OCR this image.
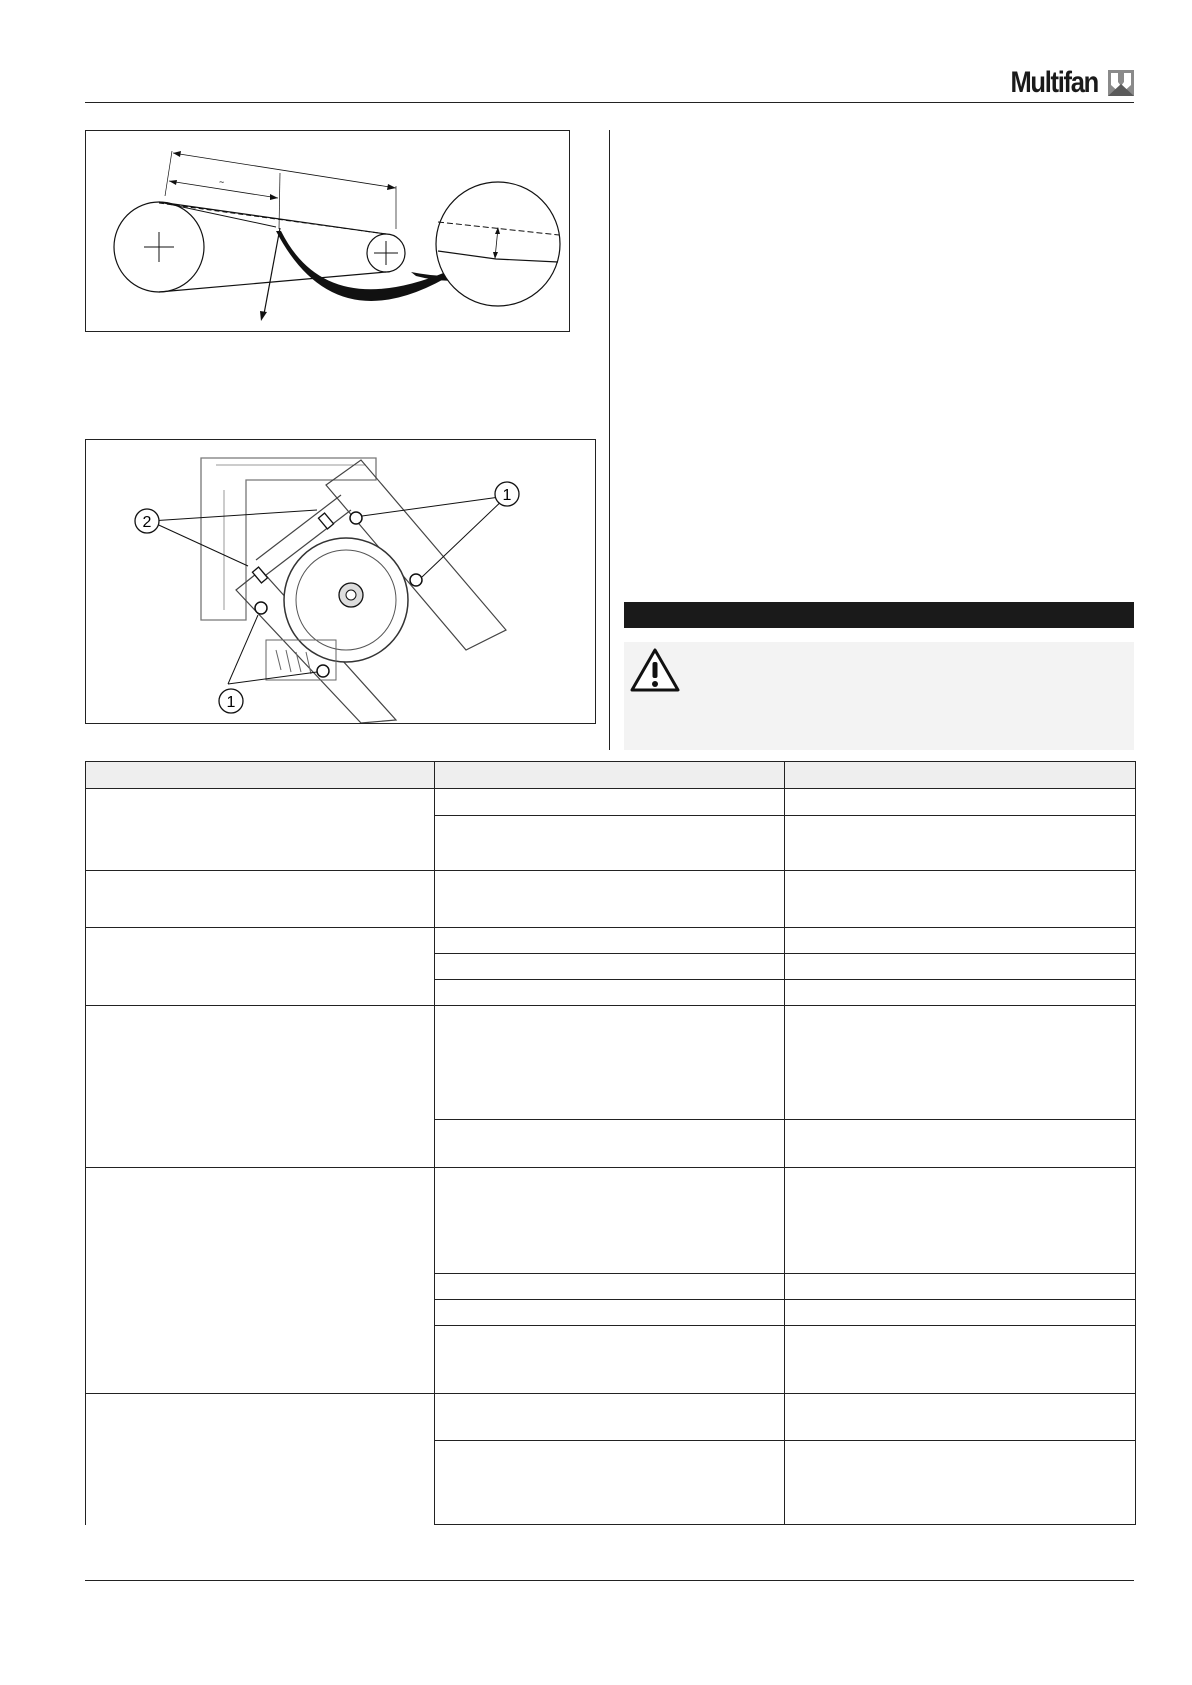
Multifan
~
1
2
1
